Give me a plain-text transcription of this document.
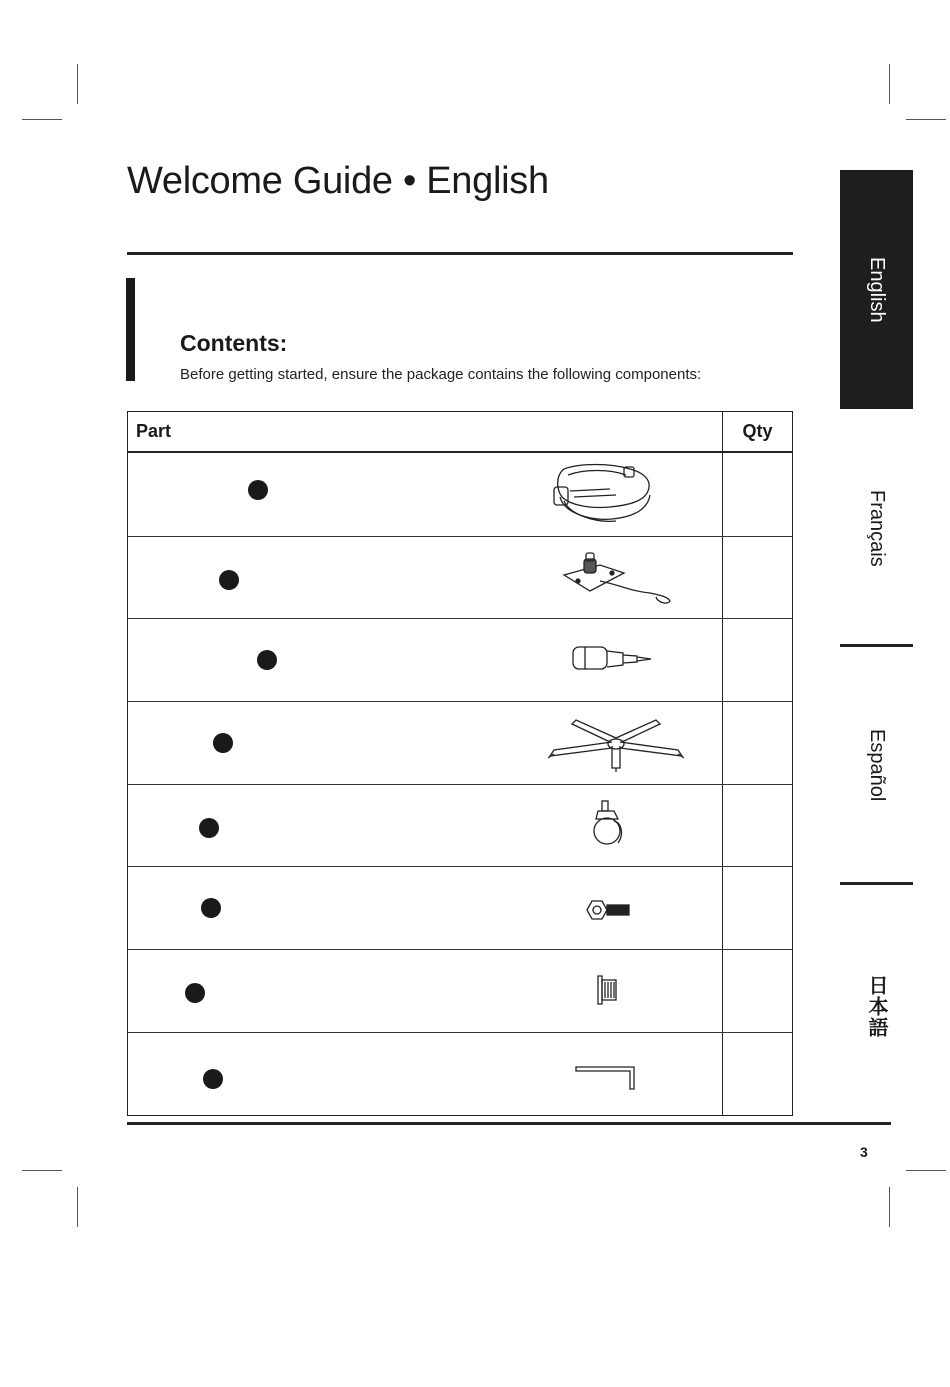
Welcome Guide • English
Contents:
Before getting started, ensure the package contains the following components:
Part	Qty
English
Français
Español
日本語
3
